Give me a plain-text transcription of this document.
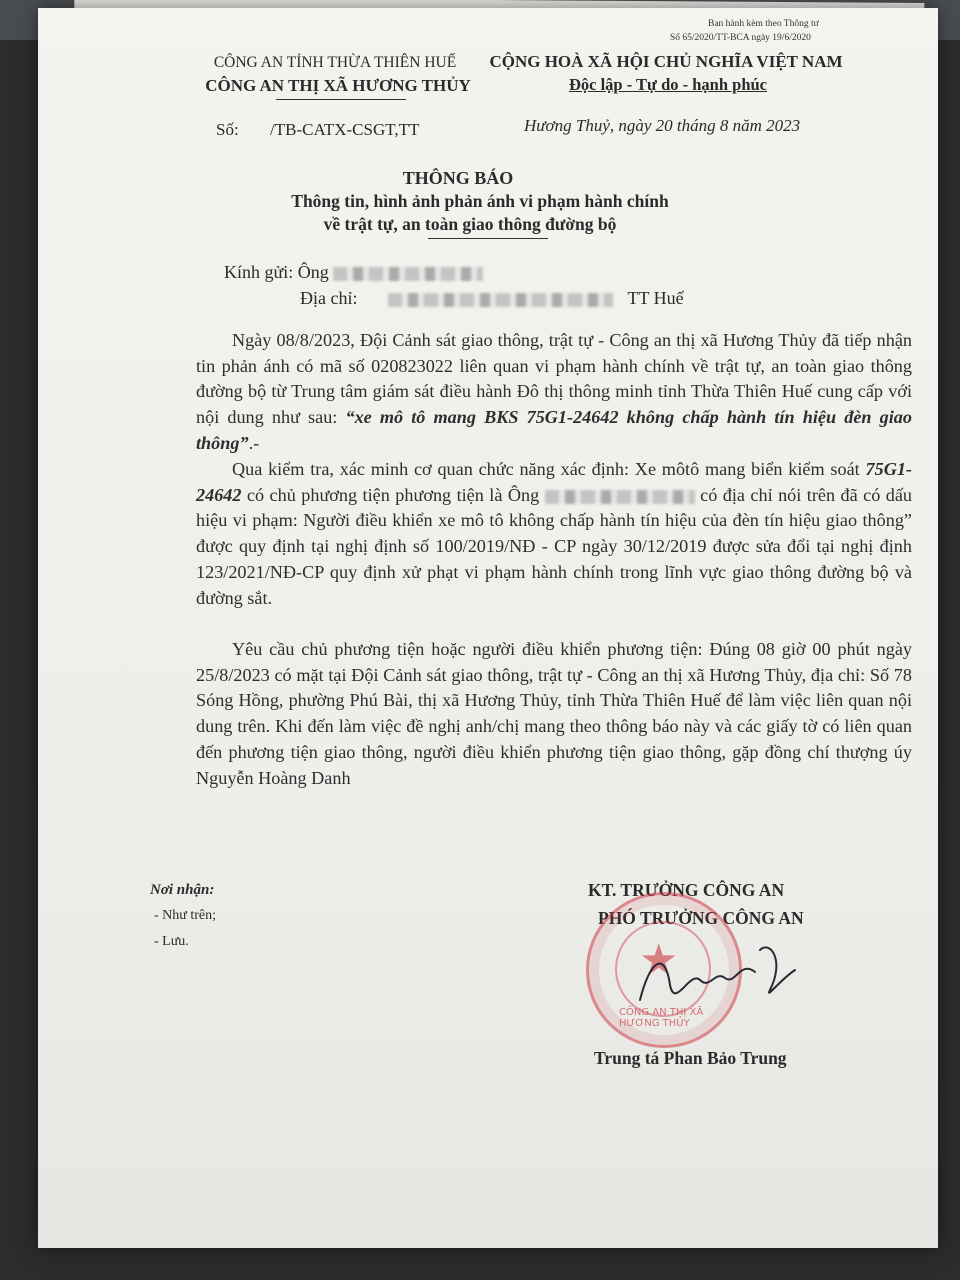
Ban hành kèm theo Thông tư
Số 65/2020/TT-BCA ngày 19/6/2020
CÔNG AN TỈNH THỪA THIÊN HUẾ
CÔNG AN THỊ XÃ HƯƠNG THỦY
CỘNG HOÀ XÃ HỘI CHỦ NGHĨA VIỆT NAM
Độc lập - Tự do - hạnh phúc
Số: /TB-CATX-CSGT,TT	Hương Thuỷ, ngày 20 tháng 8 năm 2023
THÔNG BÁO
Thông tin, hình ảnh phản ánh vi phạm hành chính
về trật tự, an toàn giao thông đường bộ
Kính gửi: Ông
Địa chỉ:	TT Huế

Ngày 08/8/2023, Đội Cảnh sát giao thông, trật tự - Công an thị xã Hương Thủy đã tiếp nhận tin phản ánh có mã số 020823022 liên quan vi phạm hành chính về trật tự, an toàn giao thông đường bộ từ Trung tâm giám sát điều hành Đô thị thông minh tỉnh Thừa Thiên Huế cung cấp với nội dung như sau: “xe mô tô mang BKS 75G1-24642 không chấp hành tín hiệu đèn giao thông”.-

Qua kiểm tra, xác minh cơ quan chức năng xác định: Xe môtô mang biển kiểm soát 75G1-24642 có chủ phương tiện phương tiện là Ông	có địa chỉ nói trên đã có dấu hiệu vi phạm: Người điều khiển xe mô tô không chấp hành tín hiệu của đèn tín hiệu giao thông” được quy định tại nghị định số 100/2019/NĐ - CP ngày 30/12/2019 được sửa đổi tại nghị định 123/2021/NĐ-CP quy định xử phạt vi phạm hành chính trong lĩnh vực giao thông đường bộ và đường sắt.

Yêu cầu chủ phương tiện hoặc người điều khiển phương tiện: Đúng 08 giờ 00 phút ngày 25/8/2023 có mặt tại Đội Cảnh sát giao thông, trật tự - Công an thị xã Hương Thủy, địa chỉ: Số 78 Sóng Hồng, phường Phú Bài, thị xã Hương Thủy, tỉnh Thừa Thiên Huế để làm việc liên quan nội dung trên. Khi đến làm việc đề nghị anh/chị mang theo thông báo này và các giấy tờ có liên quan đến phương tiện giao thông, người điều khiển phương tiện giao thông, gặp đồng chí thượng úy Nguyễn Hoàng Danh

Nơi nhận:
- Như trên;
- Lưu.
KT. TRƯỞNG CÔNG AN
PHÓ TRƯỞNG CÔNG AN
Trung tá Phan Bảo Trung
★
CÔNG AN THỊ XÃ HƯƠNG THỦY
